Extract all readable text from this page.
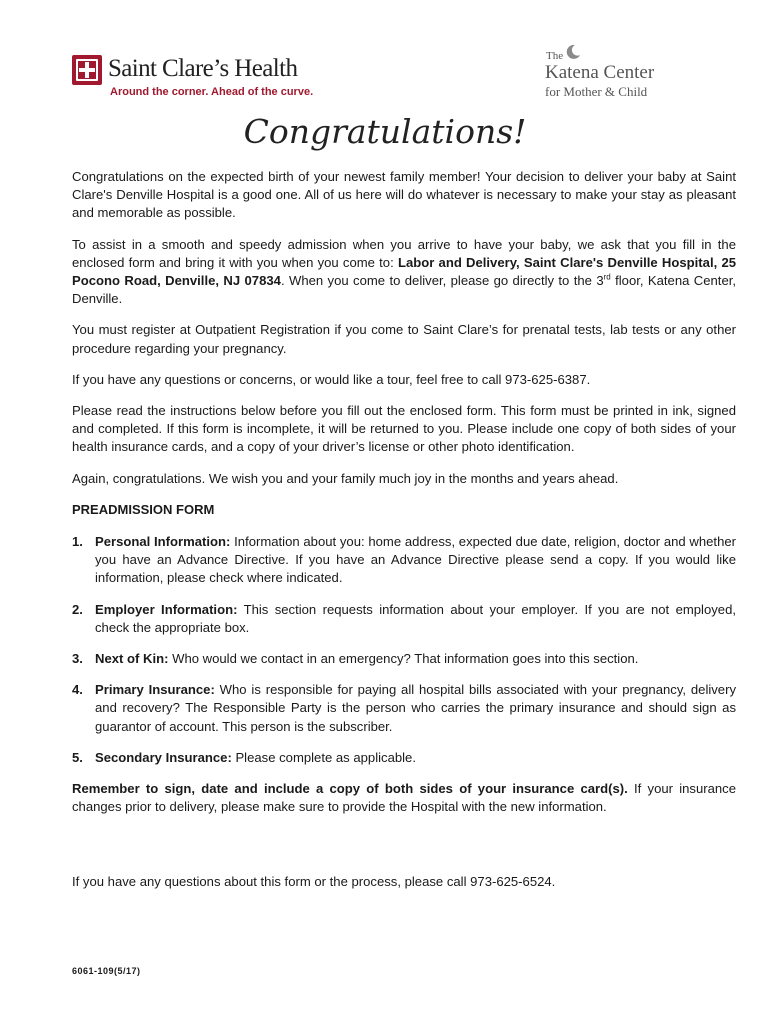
Saint Clare’s Health
Around the corner. Ahead of the curve.
The
Katena Center
for Mother & Child
Congratulations!

Congratulations on the expected birth of your newest family member! Your decision to deliver your baby at Saint Clare's Denville Hospital is a good one. All of us here will do whatever is necessary to make your stay as pleasant and memorable as possible.

To assist in a smooth and speedy admission when you arrive to have your baby, we ask that you fill in the enclosed form and bring it with you when you come to: Labor and Delivery, Saint Clare's Denville Hospital, 25 Pocono Road, Denville, NJ 07834. When you come to deliver, please go directly to the 3rd floor, Katena Center, Denville.

You must register at Outpatient Registration if you come to Saint Clare’s for prenatal tests, lab tests or any other procedure regarding your pregnancy.

If you have any questions or concerns, or would like a tour, feel free to call 973-625-6387.

Please read the instructions below before you fill out the enclosed form. This form must be printed in ink, signed and completed. If this form is incomplete, it will be returned to you. Please include one copy of both sides of your health insurance cards, and a copy of your driver’s license or other photo identification.

Again, congratulations. We wish you and your family much joy in the months and years ahead.

PREADMISSION FORM
1. Personal Information: Information about you: home address, expected due date, religion, doctor and whether you have an Advance Directive. If you have an Advance Directive please send a copy. If you would like information, please check where indicated.
2. Employer Information: This section requests information about your employer. If you are not employed, check the appropriate box.
3. Next of Kin: Who would we contact in an emergency? That information goes into this section.
4. Primary Insurance: Who is responsible for paying all hospital bills associated with your pregnancy, delivery and recovery? The Responsible Party is the person who carries the primary insurance and should sign as guarantor of account. This person is the subscriber.
5. Secondary Insurance: Please complete as applicable.

Remember to sign, date and include a copy of both sides of your insurance card(s). If your insurance changes prior to delivery, please make sure to provide the Hospital with the new information.

If you have any questions about this form or the process, please call 973-625-6524.
6061-109(5/17)
